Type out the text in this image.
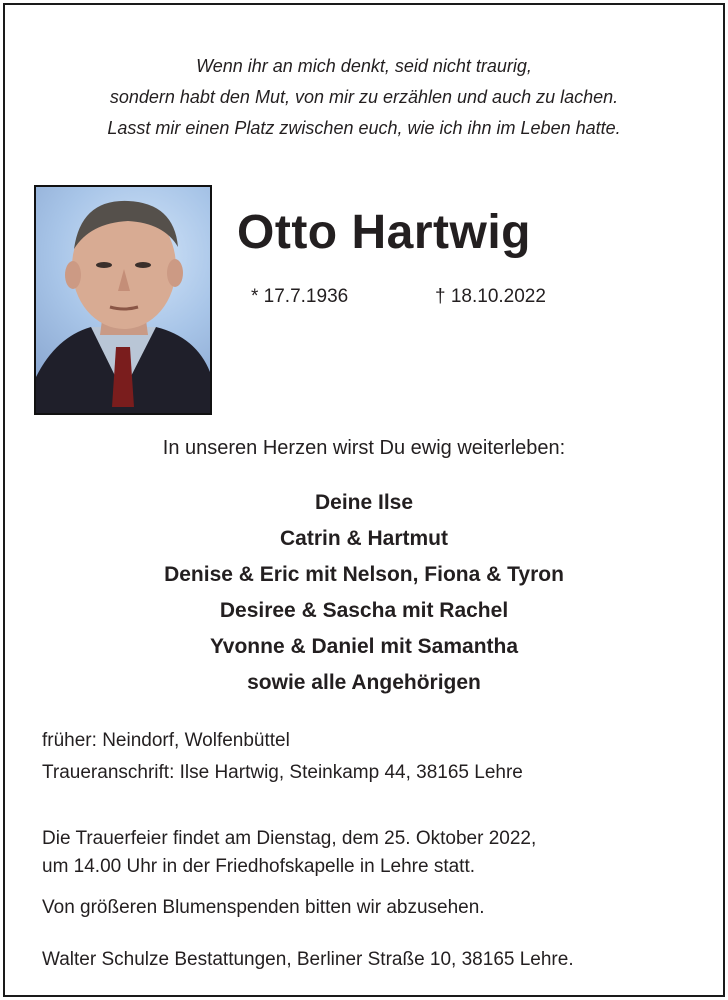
Wenn ihr an mich denkt, seid nicht traurig,
sondern habt den Mut, von mir zu erzählen und auch zu lachen.
Lasst mir einen Platz zwischen euch, wie ich ihn im Leben hatte.
Otto Hartwig
* 17.7.1936	† 18.10.2022
In unseren Herzen wirst Du ewig weiterleben:
Deine Ilse
Catrin & Hartmut
Denise & Eric mit Nelson, Fiona & Tyron
Desiree & Sascha mit Rachel
Yvonne & Daniel mit Samantha
sowie alle Angehörigen
früher: Neindorf, Wolfenbüttel
Traueranschrift: Ilse Hartwig, Steinkamp 44, 38165 Lehre
Die Trauerfeier findet am Dienstag, dem 25. Oktober 2022,
um 14.00 Uhr in der Friedhofskapelle in Lehre statt.
Von größeren Blumenspenden bitten wir abzusehen.
Walter Schulze Bestattungen, Berliner Straße 10, 38165 Lehre.
